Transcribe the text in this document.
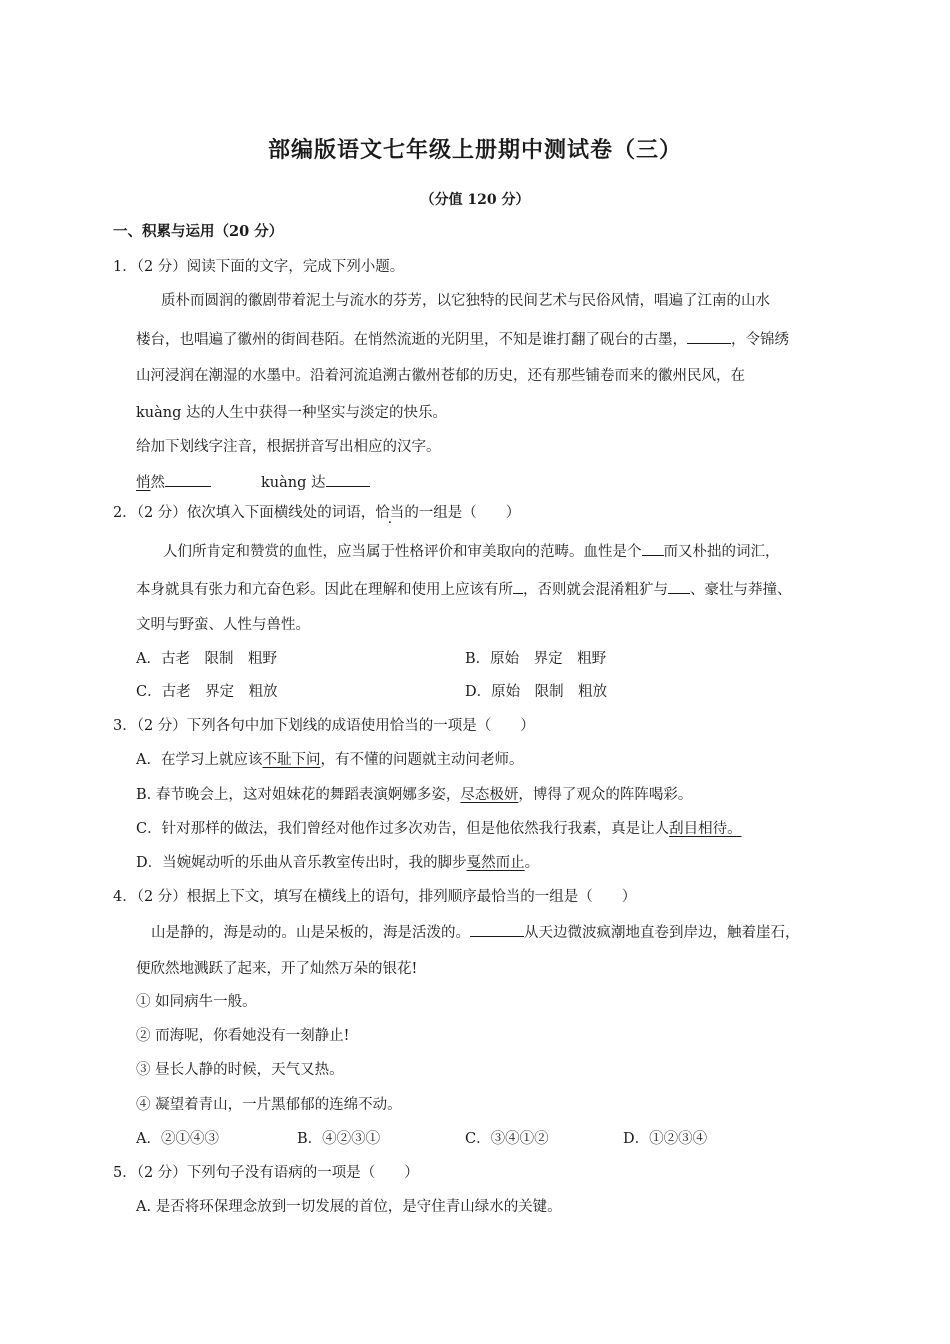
部编版语文七年级上册期中测试卷（三）
（分值 120 分）
一、积累与运用（20 分）
1．（2 分）阅读下面的文字，完成下列小题。
质朴而圆润的徽剧带着泥土与流水的芬芳，以它独特的民间艺术与民俗风情，唱遍了江南的山水
楼台，也唱遍了徽州的街闾巷陌。在悄然流逝的光阴里，不知是谁打翻了砚台的古墨，	，令锦绣
山河浸润在潮湿的水墨中。沿着河流追溯古徽州苍郁的历史，还有那些铺卷而来的徽州民风，在
kuàng 达的人生中获得一种坚实与淡定的快乐。
给加下划线字注音，根据拼音写出相应的汉字。
悄然	kuàng 达
2．（2 分）依次填入下面横线处的词语，恰当的一组是（　　）
人们所肯定和赞赏的血性，应当属于性格评价和审美取向的范畴。血性是个 而又朴拙的词汇，
本身就具有张力和亢奋色彩。因此在理解和使用上应该有所 ，否则就会混淆粗犷与 、豪壮与莽撞、
文明与野蛮、人性与兽性。
A．古老　限制　粗野	B．原始　界定　粗野
C．古老　界定　粗放	D．原始　限制　粗放
3．（2 分）下列各句中加下划线的成语使用恰当的一项是（　　）
A．在学习上就应该不耻下问，有不懂的问题就主动问老师。
B. 春节晚会上，这对姐妹花的舞蹈表演婀娜多姿，尽态极妍，博得了观众的阵阵喝彩。
C．针对那样的做法，我们曾经对他作过多次劝告，但是他依然我行我素，真是让人刮目相待。
D．当婉娓动听的乐曲从音乐教室传出时，我的脚步戛然而止。
4．（2 分）根据上下文，填写在横线上的语句，排列顺序最恰当的一组是（　　）
山是静的，海是动的。山是呆板的，海是活泼的。	从天边微波疯潮地直卷到岸边，触着崖石，
便欣然地溅跃了起来，开了灿然万朵的银花!
① 如同病牛一般。
② 而海呢，你看她没有一刻静止!
③ 昼长人静的时候，天气又热。
④ 凝望着青山，一片黑郁郁的连绵不动。
A．②①④③	B．④②③①	C．③④①②	D．①②③④
5．（2 分）下列句子没有语病的一项是（　　）
A. 是否将环保理念放到一切发展的首位，是守住青山绿水的关键。
